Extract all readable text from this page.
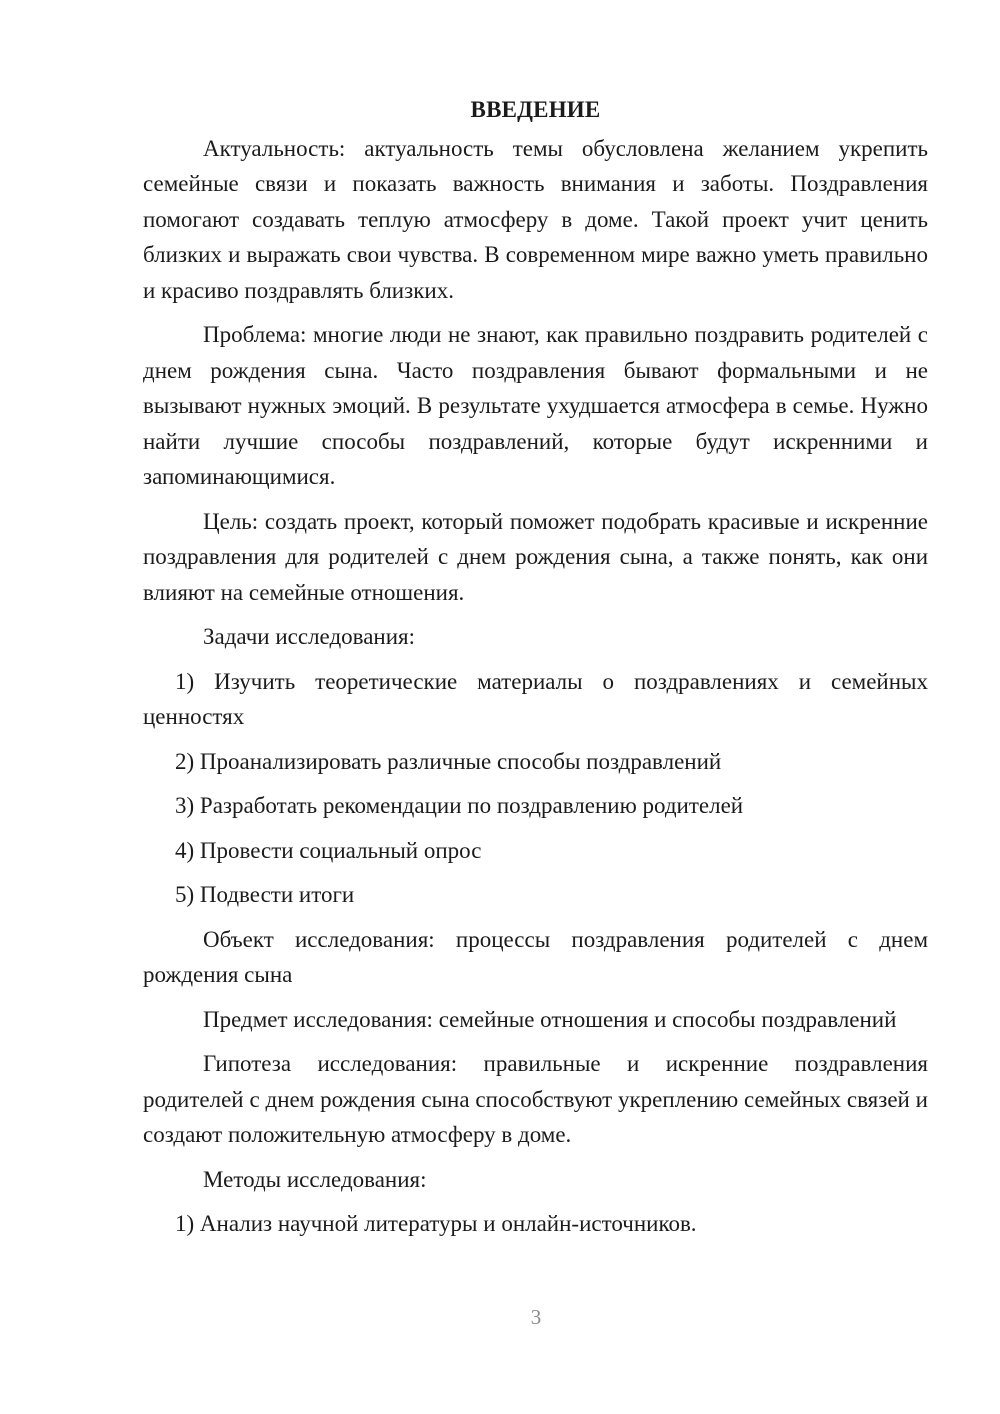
ВВЕДЕНИЕ

Актуальность: актуальность темы обусловлена желанием укрепить семейные связи и показать важность внимания и заботы. Поздравления помогают создавать теплую атмосферу в доме. Такой проект учит ценить близких и выражать свои чувства. В современном мире важно уметь правильно и красиво поздравлять близких.

Проблема: многие люди не знают, как правильно поздравить родителей с днем рождения сына. Часто поздравления бывают формальными и не вызывают нужных эмоций. В результате ухудшается атмосфера в семье. Нужно найти лучшие способы поздравлений, которые будут искренними и запоминающимися.

Цель: создать проект, который поможет подобрать красивые и искренние поздравления для родителей с днем рождения сына, а также понять, как они влияют на семейные отношения.

Задачи исследования:

1) Изучить теоретические материалы о поздравлениях и семейных ценностях

2) Проанализировать различные способы поздравлений

3) Разработать рекомендации по поздравлению родителей

4) Провести социальный опрос

5) Подвести итоги

Объект исследования: процессы поздравления родителей с днем рождения сына

Предмет исследования: семейные отношения и способы поздравлений

Гипотеза исследования: правильные и искренние поздравления родителей с днем рождения сына способствуют укреплению семейных связей и создают положительную атмосферу в доме.

Методы исследования:

1) Анализ научной литературы и онлайн-источников.

3
